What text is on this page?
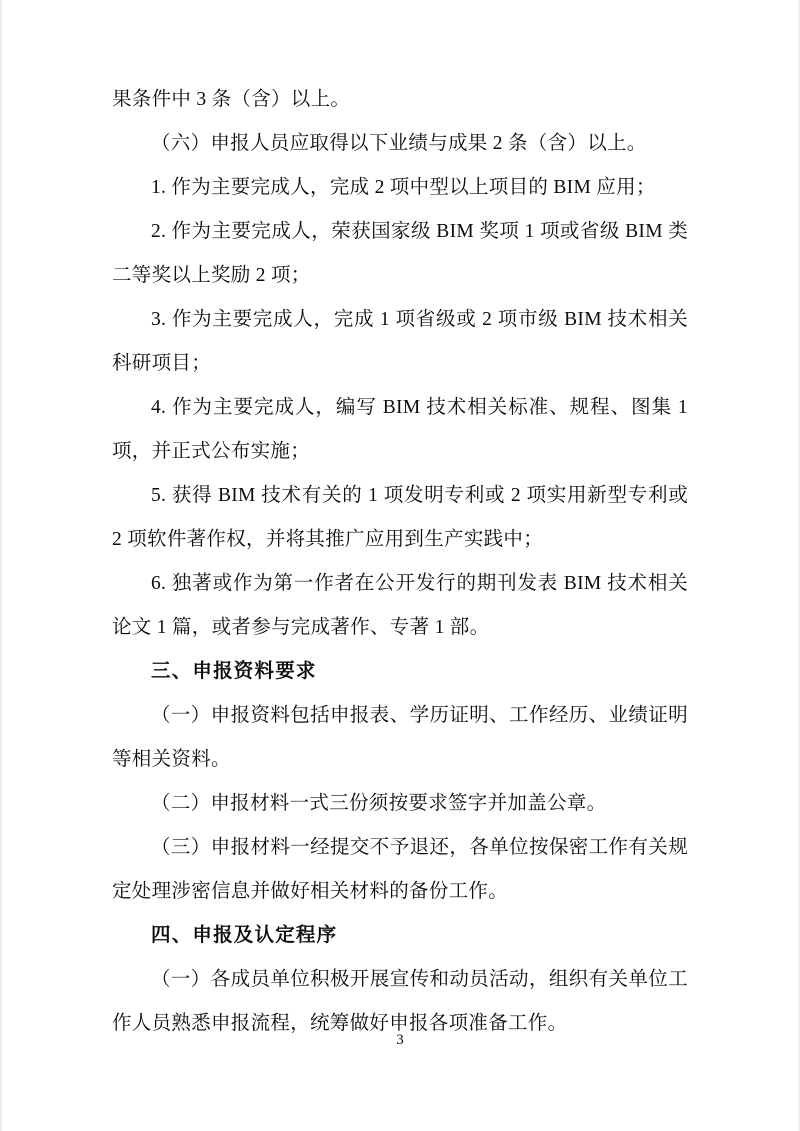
果条件中 3 条（含）以上。

（六）申报人员应取得以下业绩与成果 2 条（含）以上。

1. 作为主要完成人，完成 2 项中型以上项目的 BIM 应用；

2. 作为主要完成人，荣获国家级 BIM 奖项 1 项或省级 BIM 类二等奖以上奖励 2 项；

3. 作为主要完成人，完成 1 项省级或 2 项市级 BIM 技术相关科研项目；

4. 作为主要完成人，编写 BIM 技术相关标准、规程、图集 1 项，并正式公布实施；

5. 获得 BIM 技术有关的 1 项发明专利或 2 项实用新型专利或 2 项软件著作权，并将其推广应用到生产实践中；

6. 独著或作为第一作者在公开发行的期刊发表 BIM 技术相关论文 1 篇，或者参与完成著作、专著 1 部。

三、申报资料要求

（一）申报资料包括申报表、学历证明、工作经历、业绩证明等相关资料。

（二）申报材料一式三份须按要求签字并加盖公章。

（三）申报材料一经提交不予退还，各单位按保密工作有关规定处理涉密信息并做好相关材料的备份工作。

四、申报及认定程序

（一）各成员单位积极开展宣传和动员活动，组织有关单位工作人员熟悉申报流程，统筹做好申报各项准备工作。

3
